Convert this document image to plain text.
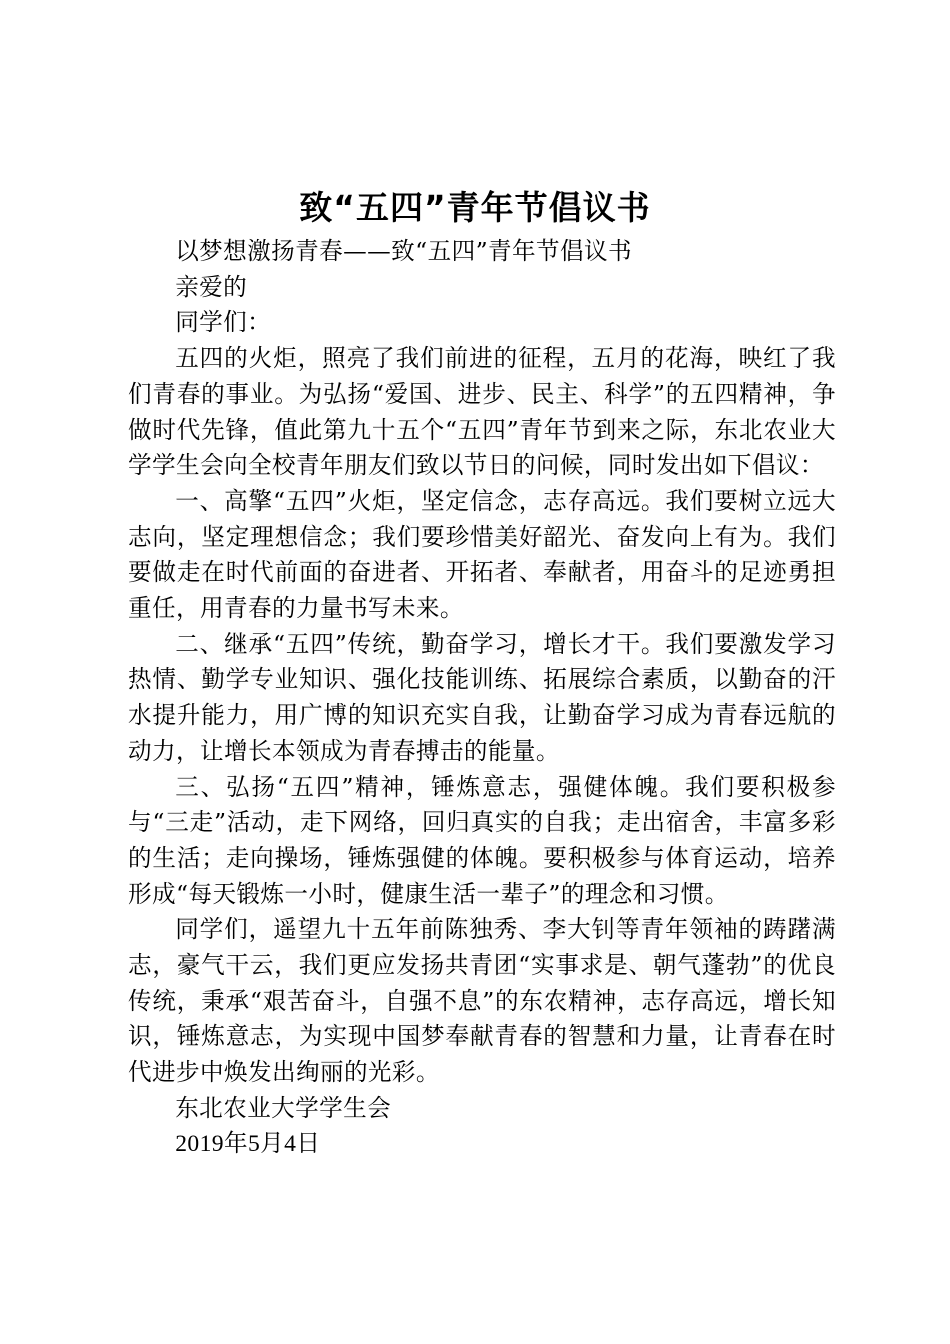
致“五四”青年节倡议书

以梦想激扬青春——致“五四”青年节倡议书

亲爱的

同学们：

五四的火炬，照亮了我们前进的征程，五月的花海，映红了我们青春的事业。为弘扬“爱国、进步、民主、科学”的五四精神，争做时代先锋，值此第九十五个“五四”青年节到来之际，东北农业大学学生会向全校青年朋友们致以节日的问候，同时发出如下倡议：

一、高擎“五四”火炬，坚定信念，志存高远。我们要树立远大志向，坚定理想信念；我们要珍惜美好韶光、奋发向上有为。我们要做走在时代前面的奋进者、开拓者、奉献者，用奋斗的足迹勇担重任，用青春的力量书写未来。

二、继承“五四”传统，勤奋学习，增长才干。我们要激发学习热情、勤学专业知识、强化技能训练、拓展综合素质，以勤奋的汗水提升能力，用广博的知识充实自我，让勤奋学习成为青春远航的动力，让增长本领成为青春搏击的能量。

三、弘扬“五四”精神，锤炼意志，强健体魄。我们要积极参与“三走”活动，走下网络，回归真实的自我；走出宿舍，丰富多彩的生活；走向操场，锤炼强健的体魄。要积极参与体育运动，培养形成“每天锻炼一小时，健康生活一辈子”的理念和习惯。

同学们，遥望九十五年前陈独秀、李大钊等青年领袖的踌躇满志，豪气干云，我们更应发扬共青团“实事求是、朝气蓬勃”的优良传统，秉承“艰苦奋斗，自强不息”的东农精神，志存高远，增长知识，锤炼意志，为实现中国梦奉献青春的智慧和力量，让青春在时代进步中焕发出绚丽的光彩。

东北农业大学学生会

2019年5月4日
